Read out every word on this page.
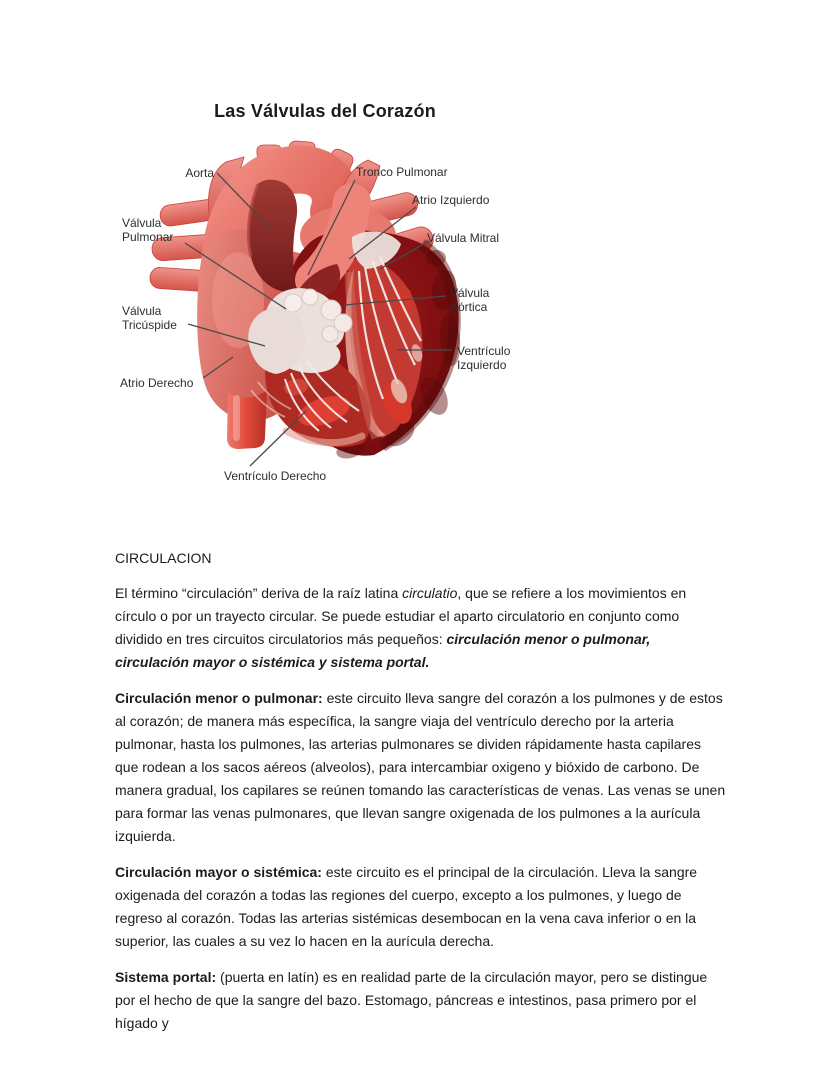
Las Válvulas del Corazón
Aorta	Tronco Pulmonar
Atrio Izquierdo
Válvula Mitral
Válvula
Pulmonar
Válvula
Aórtica
Válvula
Tricúspide
Ventrículo
Izquierdo
Atrio Derecho
Ventrículo Derecho
CIRCULACION

El término “circulación” deriva de la raíz latina circulatio, que se refiere a los movimientos en círculo o por un trayecto circular. Se puede estudiar el aparto circulatorio en conjunto como dividido en tres circuitos circulatorios más pequeños: circulación menor o pulmonar, circulación mayor o sistémica y sistema portal.

Circulación menor o pulmonar: este circuito lleva sangre del corazón a los pulmones y de estos al corazón; de manera más específica, la sangre viaja del ventrículo derecho por la arteria pulmonar, hasta los pulmones, las arterias pulmonares se dividen rápidamente hasta capilares que rodean a los sacos aéreos (alveolos), para intercambiar oxigeno y bióxido de carbono. De manera gradual, los capilares se reúnen tomando las características de venas. Las venas se unen para formar las venas pulmonares, que llevan sangre oxigenada de los pulmones a la aurícula izquierda.

Circulación mayor o sistémica: este circuito es el principal de la circulación. Lleva la sangre oxigenada del corazón a todas las regiones del cuerpo, excepto a los pulmones, y luego de regreso al corazón. Todas las arterias sistémicas desembocan en la vena cava inferior o en la superior, las cuales a su vez lo hacen en la aurícula derecha.

Sistema portal: (puerta en latín) es en realidad parte de la circulación mayor, pero se distingue por el hecho de que la sangre del bazo. Estomago, páncreas e intestinos, pasa primero por el hígado y
